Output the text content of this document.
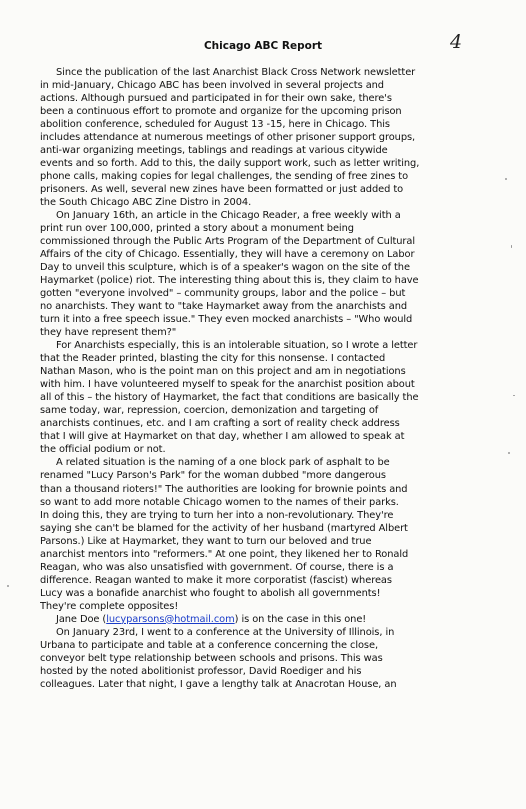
Chicago ABC Report	4
Since the publication of the last Anarchist Black Cross Network newsletter
in mid-January, Chicago ABC has been involved in several projects and
actions. Although pursued and participated in for their own sake, there's
been a continuous effort to promote and organize for the upcoming prison
abolition conference, scheduled for August 13 -15, here in Chicago. This
includes attendance at numerous meetings of other prisoner support groups,
anti-war organizing meetings, tablings and readings at various citywide
events and so forth. Add to this, the daily support work, such as letter writing,
phone calls, making copies for legal challenges, the sending of free zines to
prisoners. As well, several new zines have been formatted or just added to
the South Chicago ABC Zine Distro in 2004.
On January 16th, an article in the Chicago Reader, a free weekly with a
print run over 100,000, printed a story about a monument being
commissioned through the Public Arts Program of the Department of Cultural
Affairs of the city of Chicago. Essentially, they will have a ceremony on Labor
Day to unveil this sculpture, which is of a speaker's wagon on the site of the
Haymarket (police) riot. The interesting thing about this is, they claim to have
gotten "everyone involved" – community groups, labor and the police – but
no anarchists. They want to "take Haymarket away from the anarchists and
turn it into a free speech issue." They even mocked anarchists – "Who would
they have represent them?"
For Anarchists especially, this is an intolerable situation, so I wrote a letter
that the Reader printed, blasting the city for this nonsense. I contacted
Nathan Mason, who is the point man on this project and am in negotiations
with him. I have volunteered myself to speak for the anarchist position about
all of this – the history of Haymarket, the fact that conditions are basically the
same today, war, repression, coercion, demonization and targeting of
anarchists continues, etc. and I am crafting a sort of reality check address
that I will give at Haymarket on that day, whether I am allowed to speak at
the official podium or not.
A related situation is the naming of a one block park of asphalt to be
renamed "Lucy Parson's Park" for the woman dubbed "more dangerous
than a thousand rioters!" The authorities are looking for brownie points and
so want to add more notable Chicago women to the names of their parks.
In doing this, they are trying to turn her into a non-revolutionary. They're
saying she can't be blamed for the activity of her husband (martyred Albert
Parsons.) Like at Haymarket, they want to turn our beloved and true
anarchist mentors into "reformers." At one point, they likened her to Ronald
Reagan, who was also unsatisfied with government. Of course, there is a
difference. Reagan wanted to make it more corporatist (fascist) whereas
Lucy was a bonafide anarchist who fought to abolish all governments!
They're complete opposites!
Jane Doe (lucyparsons@hotmail.com) is on the case in this one!
On January 23rd, I went to a conference at the University of Illinois, in
Urbana to participate and table at a conference concerning the close,
conveyor belt type relationship between schools and prisons. This was
hosted by the noted abolitionist professor, David Roediger and his
colleagues. Later that night, I gave a lengthy talk at Anacrotan House, an
